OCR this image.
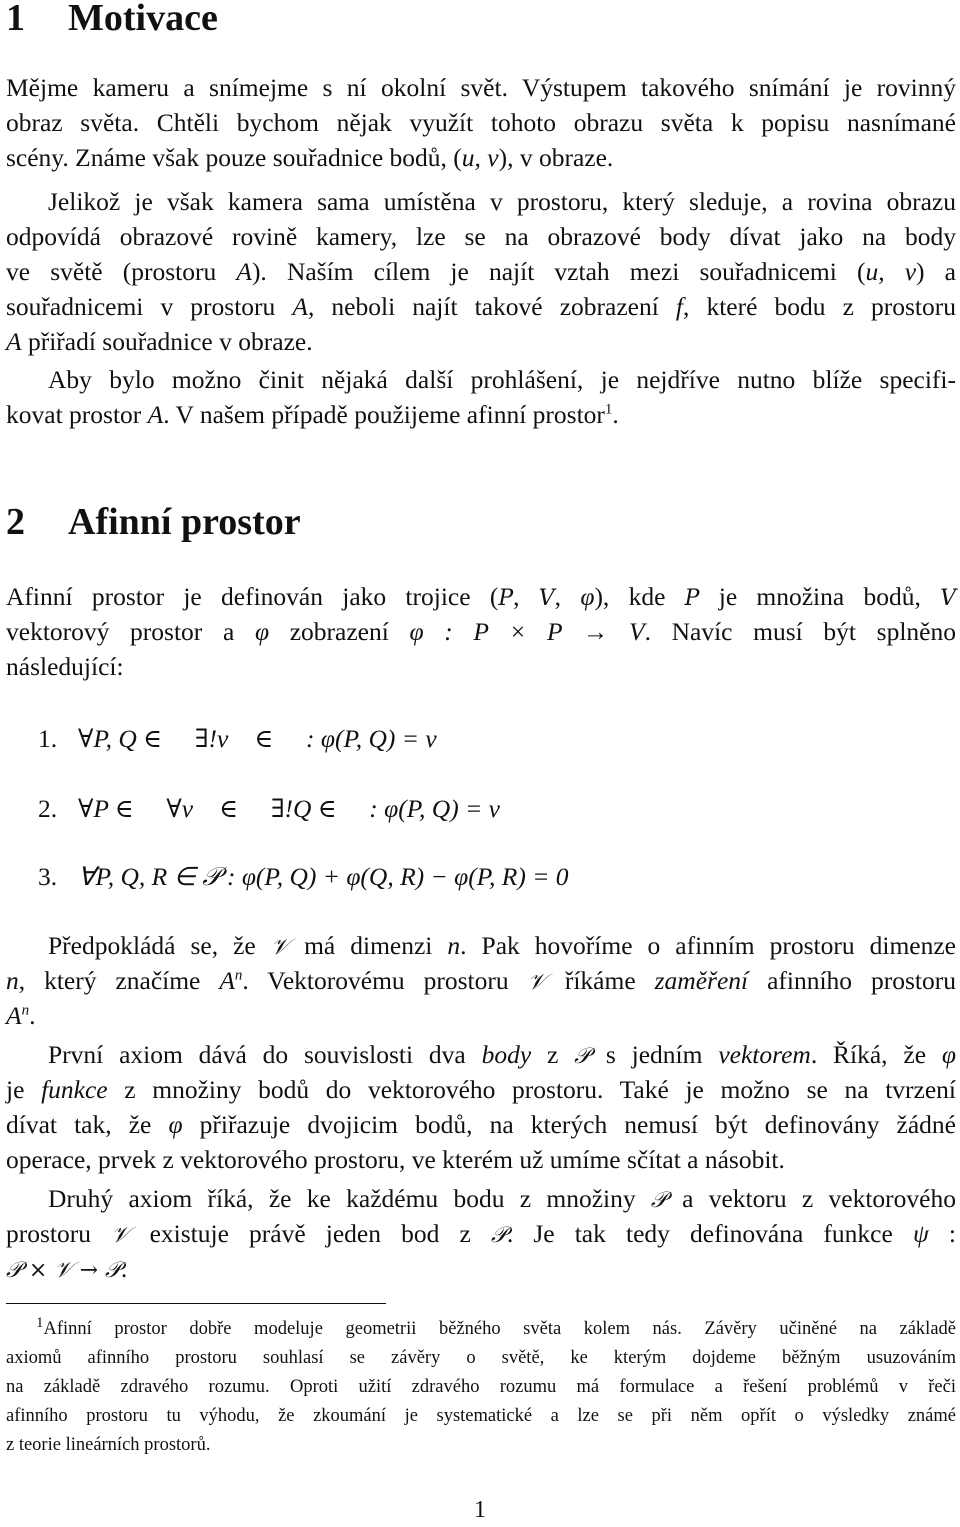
1 Motivace
Mějme kameru a snímejme s ní okolní svět. Výstupem takového snímání je rovinný
obraz světa. Chtěli bychom nějak využít tohoto obrazu světa k popisu nasnímané
scény. Známe však pouze souřadnice bodů, (u, v), v obraze.
Jelikož je však kamera sama umístěna v prostoru, který sleduje, a rovina obrazu
odpovídá obrazové rovině kamery, lze se na obrazové body dívat jako na body
ve světě (prostoru A). Naším cílem je najít vztah mezi souřadnicemi (u, v) a
souřadnicemi v prostoru A, neboli najít takové zobrazení f, které bodu z prostoru
A přiřadí souřadnice v obraze.
Aby bylo možno činit nějaká další prohlášení, je nejdříve nutno blíže specifi-
kovat prostor A. V našem případě použijeme afinní prostor$^1$.
2 Afinní prostor
Afinní prostor je definován jako trojice (P, V, φ), kde P je množina bodů, V
vektorový prostor a φ zobrazení φ : P × P → V. Navíc musí být splněno
následující:
1. ∀P, Q ∈ 𝒫 ∃!v⃗ ∈ 𝒱 : φ(P, Q) = v⃗
2. ∀P ∈ 𝒫 ∀v⃗ ∈ 𝒱 ∃!Q ∈ 𝒫 : φ(P, Q) = v⃗
3. ∀P, Q, R ∈ 𝒫 : φ(P, Q) + φ(Q, R) − φ(P, R) = 0
Předpokládá se, že 𝒱 má dimenzi n. Pak hovoříme o afinním prostoru dimenze
n, který značíme $A^n$. Vektorovému prostoru 𝒱 říkáme zaměření afinního prostoru
$A^n$.
První axiom dává do souvislosti dva body z 𝒫 s jedním vektorem. Říká, že φ
je funkce z množiny bodů do vektorového prostoru. Také je možno se na tvrzení
dívat tak, že φ přiřazuje dvojicim bodů, na kterých nemusí být definovány žádné
operace, prvek z vektorového prostoru, ve kterém už umíme sčítat a násobit.
Druhý axiom říká, že ke každému bodu z množiny 𝒫 a vektoru z vektorového
prostoru 𝒱 existuje právě jeden bod z 𝒫. Je tak tedy definována funkce ψ :
𝒫 × 𝒱 → 𝒫.
$^1$Afinní prostor dobře modeluje geometrii běžného světa kolem nás. Závěry učiněné na základě
axiomů afinního prostoru souhlasí se závěry o světě, ke kterým dojdeme běžným usuzováním
na základě zdravého rozumu. Oproti užití zdravého rozumu má formulace a řešení problémů v řeči
afinního prostoru tu výhodu, že zkoumání je systematické a lze se při něm opřít o výsledky známé
z teorie lineárních prostorů.
1
